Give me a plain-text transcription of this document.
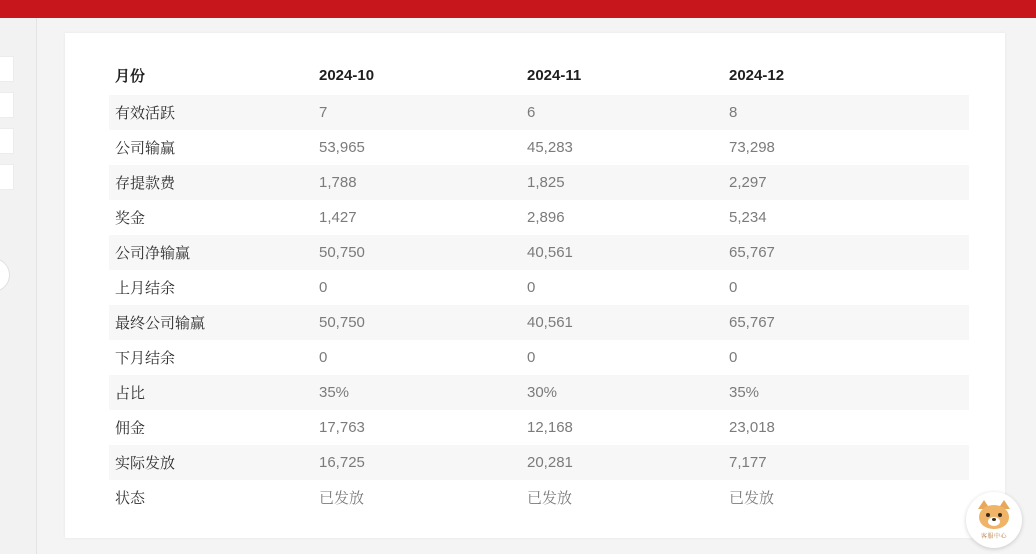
月份	2024-10	2024-11	2024-12
有效活跃	7	6	8
公司输赢	53,965	45,283	73,298
存提款费	1,788	1,825	2,297
奖金	1,427	2,896	5,234
公司净输赢	50,750	40,561	65,767
上月结余	0	0	0
最终公司输赢	50,750	40,561	65,767
下月结余	0	0	0
占比	35%	30%	35%
佣金	17,763	12,168	23,018
实际发放	16,725	20,281	7,177
状态	已发放	已发放	已发放
客服中心
